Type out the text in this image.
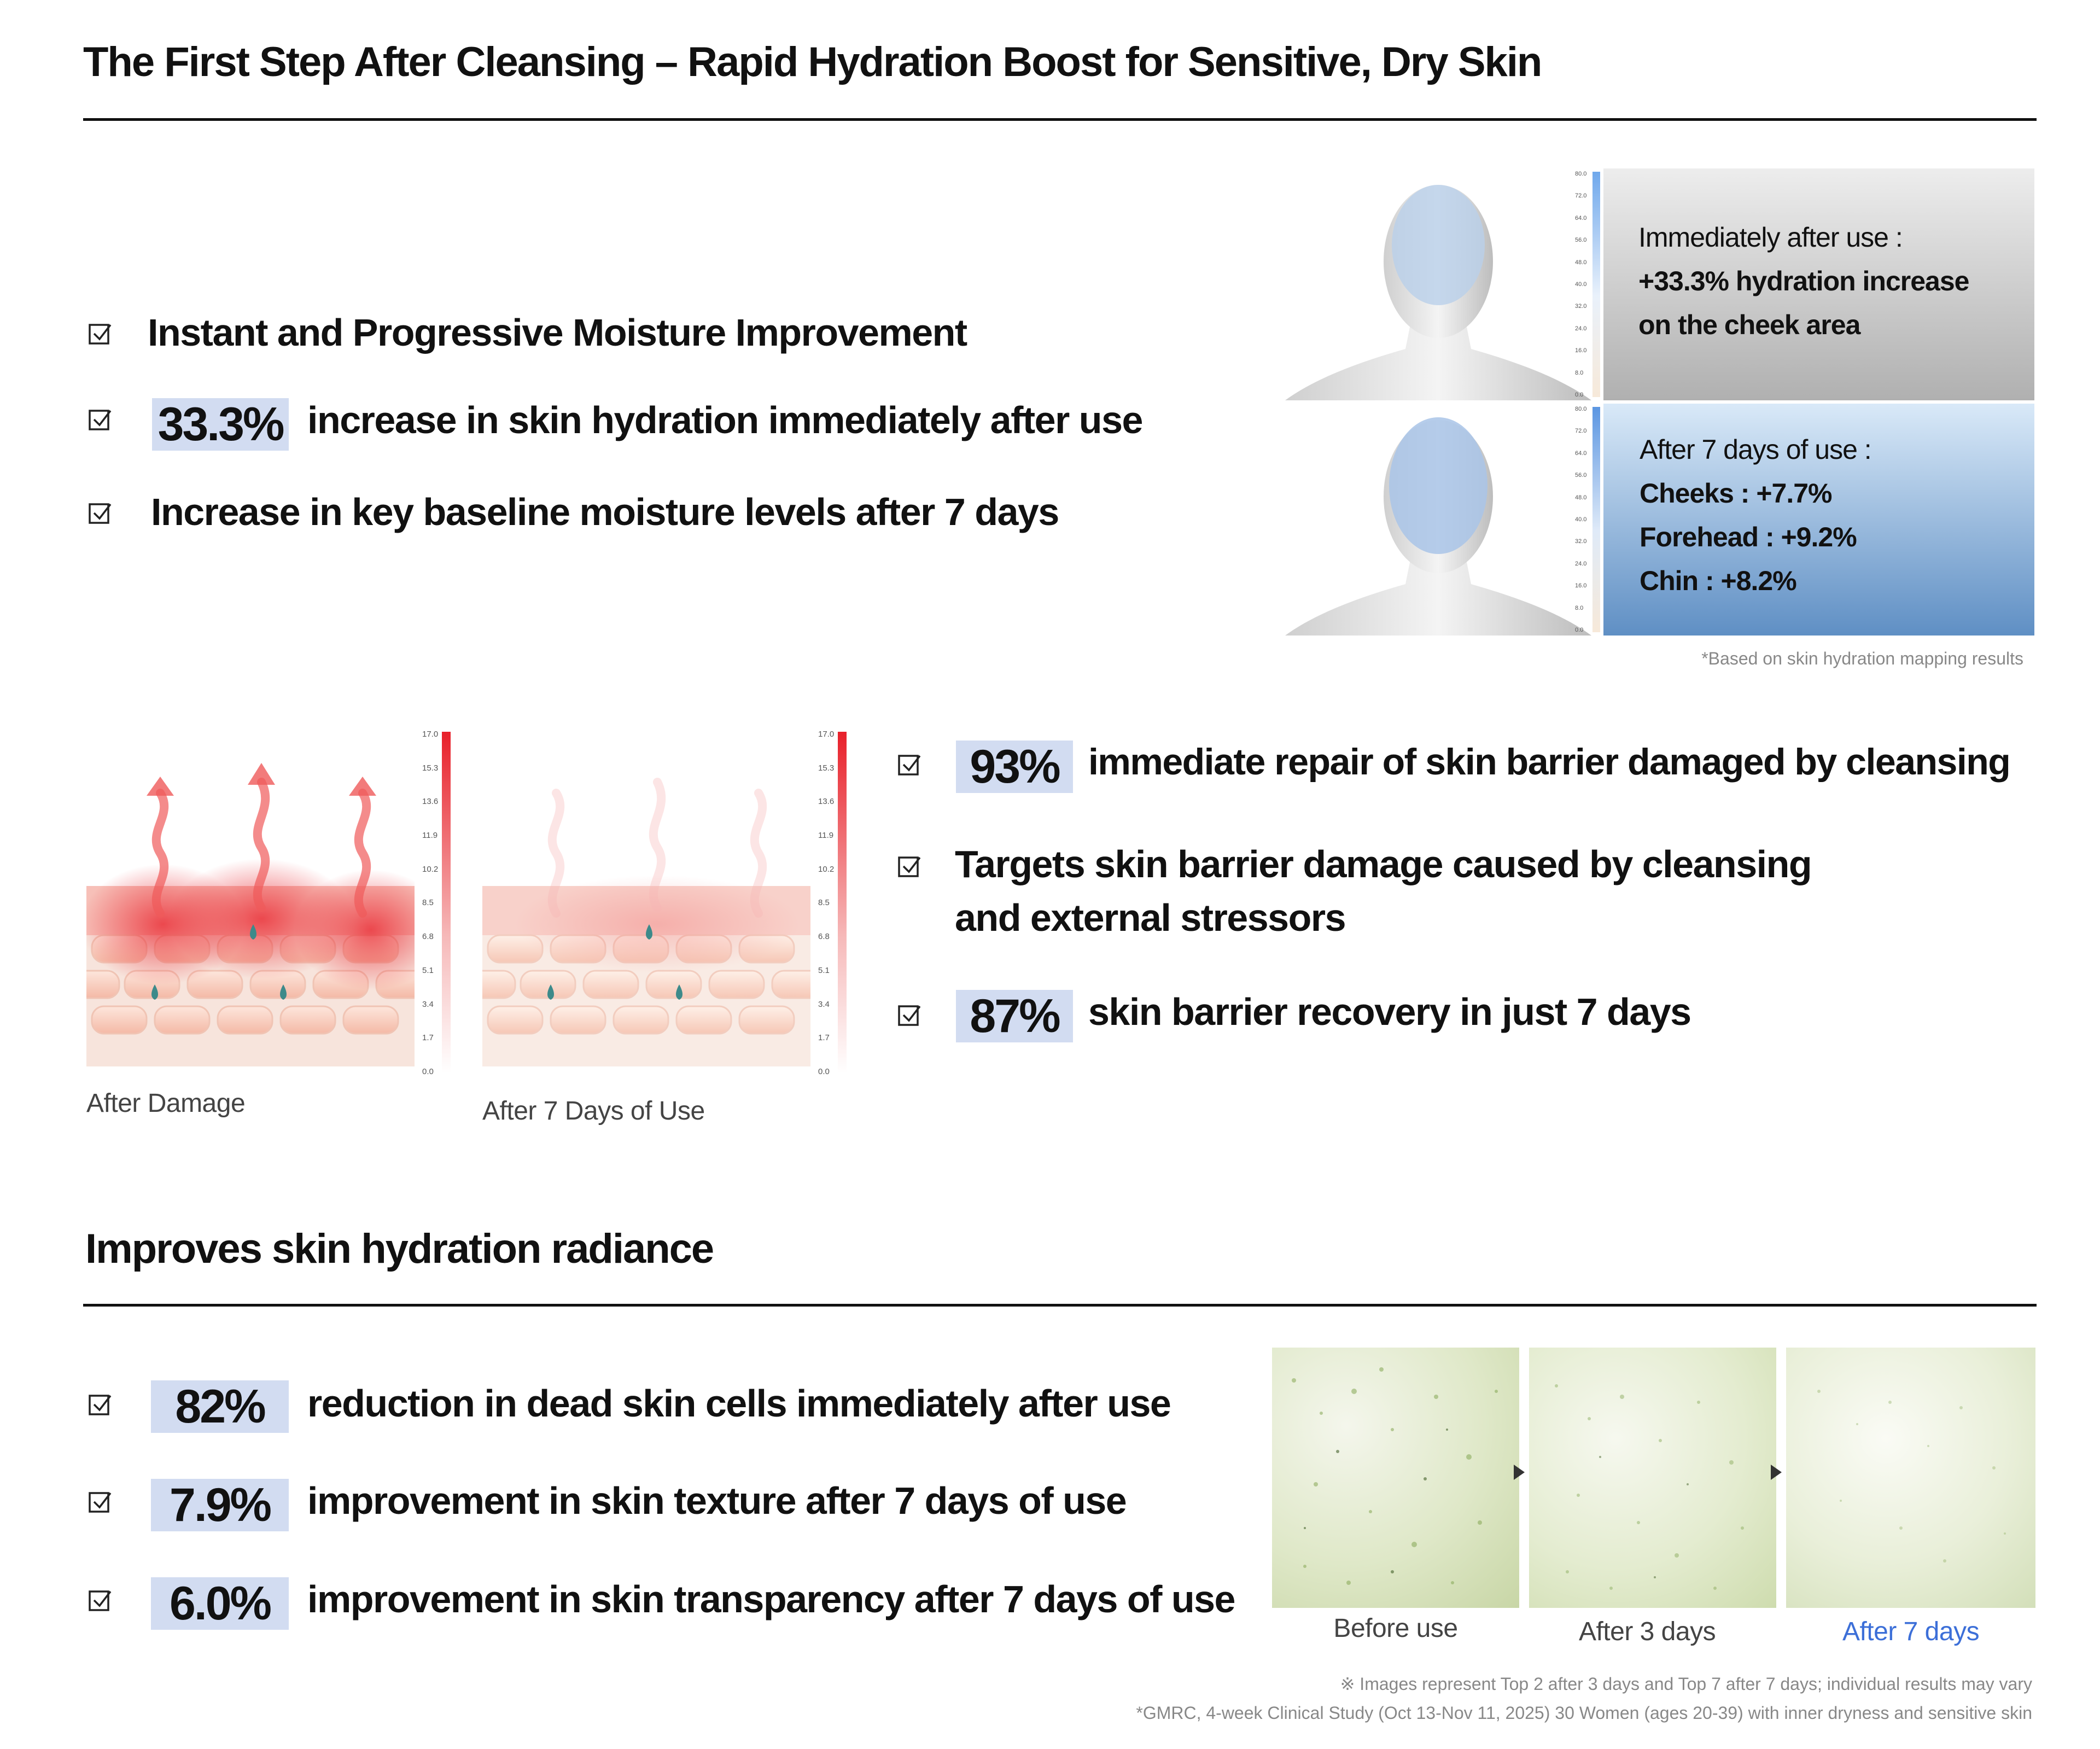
The First Step After Cleansing – Rapid Hydration Boost for Sensitive, Dry Skin
Instant and Progressive Moisture Improvement
33.3% increase in skin hydration immediately after use
Increase in key baseline moisture levels after 7 days
80.0
72.0
64.0
56.0
48.0
40.0
32.0
24.0
16.0
8.0
0.0
Immediately after use :
+33.3% hydration increase
on the cheek area
80.0
72.0
64.0
56.0
48.0
40.0
32.0
24.0
16.0
8.0
0.0
After 7 days of use :
Cheeks : +7.7%
Forehead : +9.2%
Chin : +8.2%
*Based on skin hydration mapping results
17.0
15.3
13.6
11.9
10.2
8.5
6.8
5.1
3.4
1.7
0.0
After Damage
17.0
15.3
13.6
11.9
10.2
8.5
6.8
5.1
3.4
1.7
0.0
After 7 Days of Use
93% immediate repair of skin barrier damaged by cleansing
Targets skin barrier damage caused by cleansing
and external stressors
87% skin barrier recovery in just 7 days
Improves skin hydration radiance
82%	reduction in dead skin cells immediately after use
7.9% improvement in skin texture after 7 days of use
6.0% improvement in skin transparency after 7 days of use
Before use	After 3 days	After 7 days
※ Images represent Top 2 after 3 days and Top 7 after 7 days; individual results may vary
*GMRC, 4-week Clinical Study (Oct 13-Nov 11, 2025) 30 Women (ages 20-39) with inner dryness and sensitive skin
